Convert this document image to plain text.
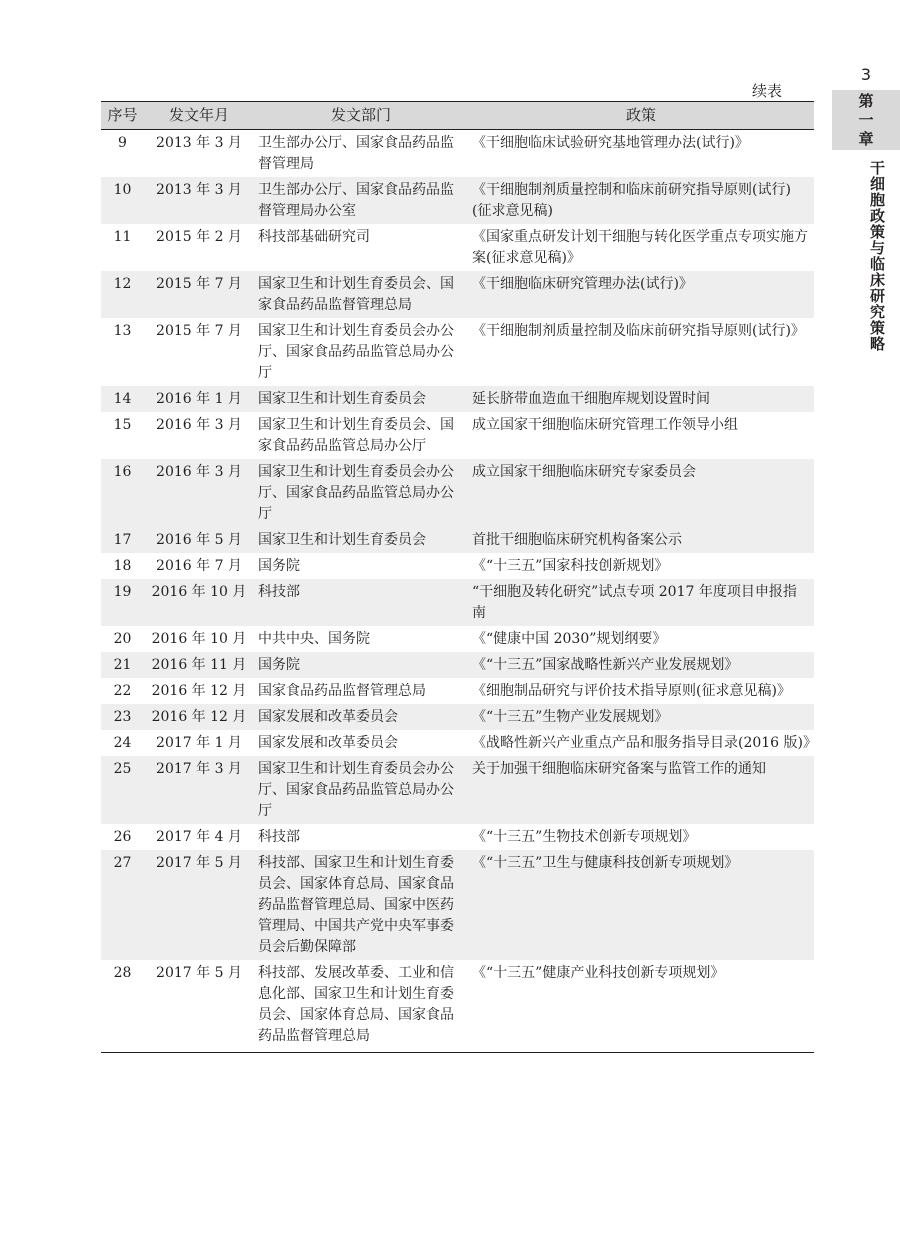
续表
序号	发文年月	发文部门	政策
9	2013 年 3 月	卫生部办公厅、国家食品药品监督管理局	《干细胞临床试验研究基地管理办法(试行)》
10	2013 年 3 月	卫生部办公厅、国家食品药品监督管理局办公室	《干细胞制剂质量控制和临床前研究指导原则(试行)(征求意见稿)
11	2015 年 2 月	科技部基础研究司	《国家重点研发计划干细胞与转化医学重点专项实施方案(征求意见稿)》
12	2015 年 7 月	国家卫生和计划生育委员会、国家食品药品监督管理总局	《干细胞临床研究管理办法(试行)》
13	2015 年 7 月	国家卫生和计划生育委员会办公厅、国家食品药品监管总局办公厅	《干细胞制剂质量控制及临床前研究指导原则(试行)》
14	2016 年 1 月	国家卫生和计划生育委员会	延长脐带血造血干细胞库规划设置时间
15	2016 年 3 月	国家卫生和计划生育委员会、国家食品药品监管总局办公厅	成立国家干细胞临床研究管理工作领导小组
16	2016 年 3 月	国家卫生和计划生育委员会办公厅、国家食品药品监管总局办公厅	成立国家干细胞临床研究专家委员会
17	2016 年 5 月	国家卫生和计划生育委员会	首批干细胞临床研究机构备案公示
18	2016 年 7 月	国务院	《“十三五”国家科技创新规划》
19	2016 年 10 月	科技部	“干细胞及转化研究”试点专项 2017 年度项目申报指南
20	2016 年 10 月	中共中央、国务院	《“健康中国 2030”规划纲要》
21	2016 年 11 月	国务院	《“十三五”国家战略性新兴产业发展规划》
22	2016 年 12 月	国家食品药品监督管理总局	《细胞制品研究与评价技术指导原则(征求意见稿)》
23	2016 年 12 月	国家发展和改革委员会	《“十三五”生物产业发展规划》
24	2017 年 1 月	国家发展和改革委员会	《战略性新兴产业重点产品和服务指导目录(2016 版)》
25	2017 年 3 月	国家卫生和计划生育委员会办公厅、国家食品药品监管总局办公厅	关于加强干细胞临床研究备案与监管工作的通知
26	2017 年 4 月	科技部	《“十三五”生物技术创新专项规划》
27	2017 年 5 月	科技部、国家卫生和计划生育委员会、国家体育总局、国家食品药品监督管理总局、国家中医药管理局、中国共产党中央军事委员会后勤保障部	《“十三五”卫生与健康科技创新专项规划》
28	2017 年 5 月	科技部、发展改革委、工业和信息化部、国家卫生和计划生育委员会、国家体育总局、国家食品药品监督管理总局	《“十三五”健康产业科技创新专项规划》
3
第
一
章
干细胞政策与临床研究策略
